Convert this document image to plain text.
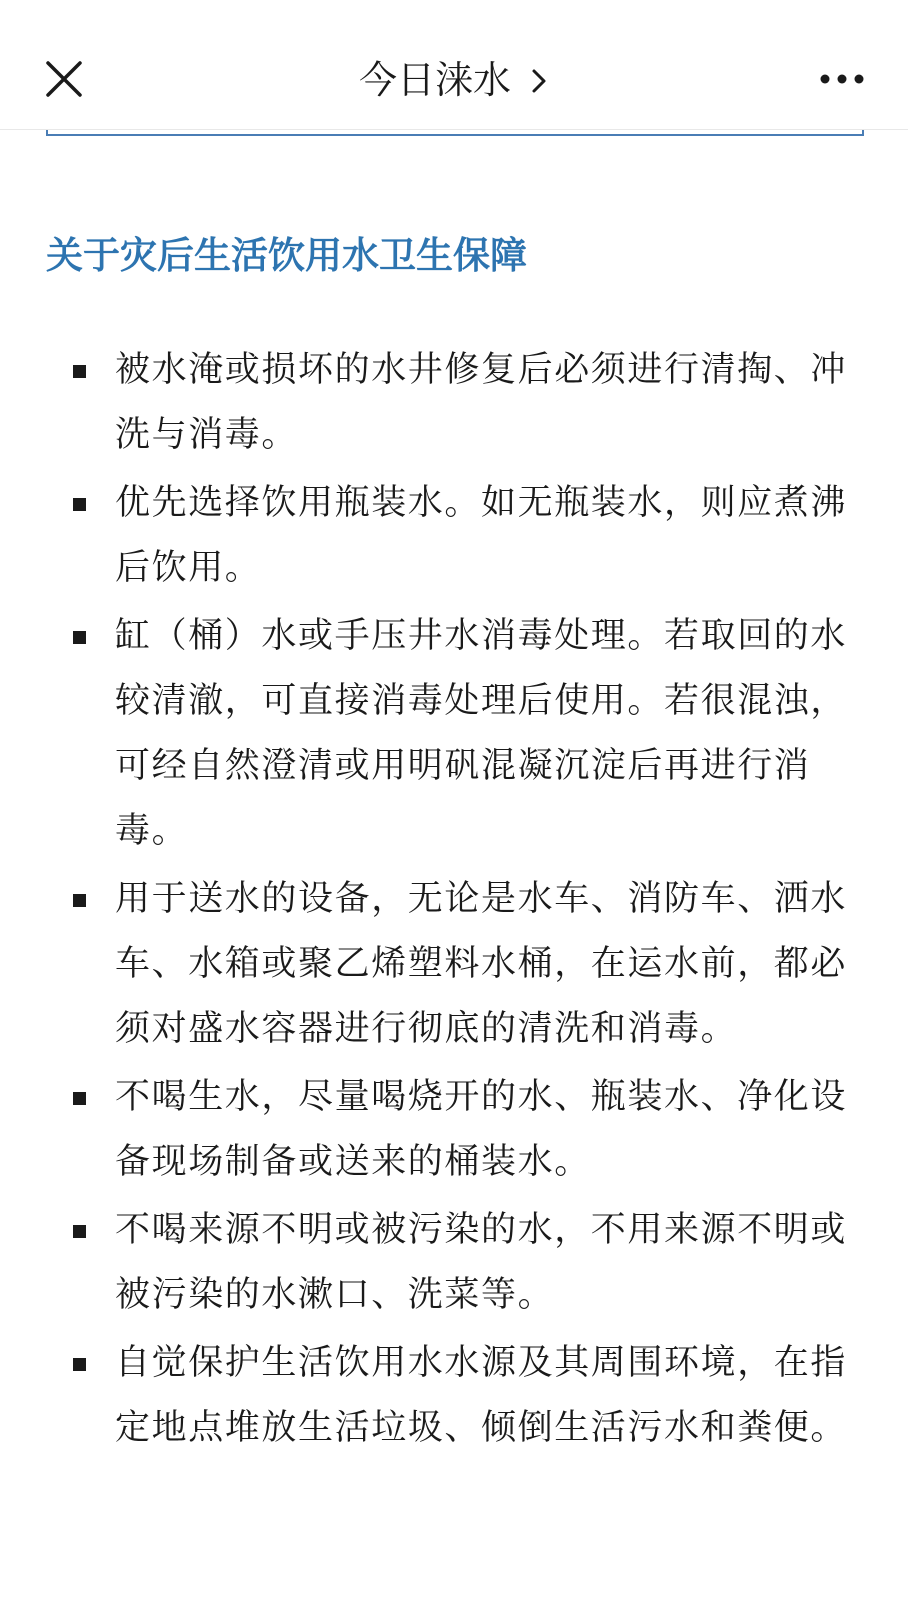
今日涞水
关于灾后生活饮用水卫生保障
被水淹或损坏的水井修复后必须进行清掏、冲洗与消毒。
优先选择饮用瓶装水。如无瓶装水，则应煮沸后饮用。
缸（桶）水或手压井水消毒处理。若取回的水较清澈，可直接消毒处理后使用。若很混浊，可经自然澄清或用明矾混凝沉淀后再进行消毒。
用于送水的设备，无论是水车、消防车、洒水车、水箱或聚乙烯塑料水桶，在运水前，都必须对盛水容器进行彻底的清洗和消毒。
不喝生水，尽量喝烧开的水、瓶装水、净化设备现场制备或送来的桶装水。
不喝来源不明或被污染的水，不用来源不明或被污染的水漱口、洗菜等。
自觉保护生活饮用水水源及其周围环境，在指定地点堆放生活垃圾、倾倒生活污水和粪便。
